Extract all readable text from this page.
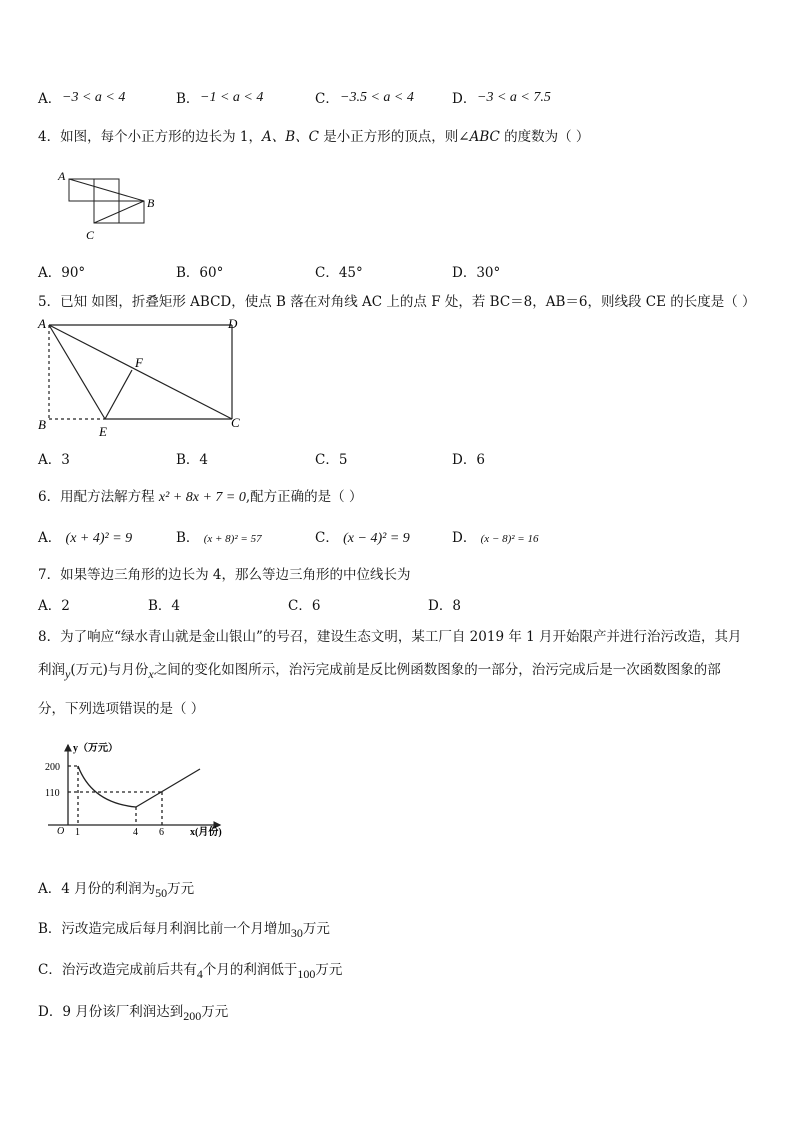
A． −3 < a < 4	B． −1 < a < 4	C． −3.5 < a < 4	D． −3 < a < 7.5
4．如图，每个小正方形的边长为 1，A、B、C 是小正方形的顶点，则∠ABC 的度数为（ ）
A
B
C
A．90°	B．60°	C．45°	D．30°
5．已知 如图，折叠矩形 ABCD，使点 B 落在对角线 AC 上的点 F 处，若 BC＝8，AB＝6，则线段 CE 的长度是（ ）
A	D
B	E
C
F
A．3	B．4	C．5	D．6
6．用配方法解方程 x² + 8x + 7 = 0,配方正确的是（ ）
A． (x + 4)² = 9	B． (x + 8)² = 57	C． (x − 4)² = 9	D． (x − 8)² = 16
7．如果等边三角形的边长为 4，那么等边三角形的中位线长为
A．2	B．4	C．6	D．8
8．为了响应“绿水青山就是金山银山”的号召，建设生态文明，某工厂自 2019 年 1 月开始限产并进行治污改造，其月
利润y(万元)与月份x之间的变化如图所示，治污完成前是反比例函数图象的一部分，治污完成后是一次函数图象的部
分，下列选项错误的是（ ）
y（万元）
200
110
O 1	4 6	x(月份)
A．4 月份的利润为50万元
B．污改造完成后每月利润比前一个月增加30万元
C．治污改造完成前后共有4个月的利润低于100万元
D．9 月份该厂利润达到200万元
